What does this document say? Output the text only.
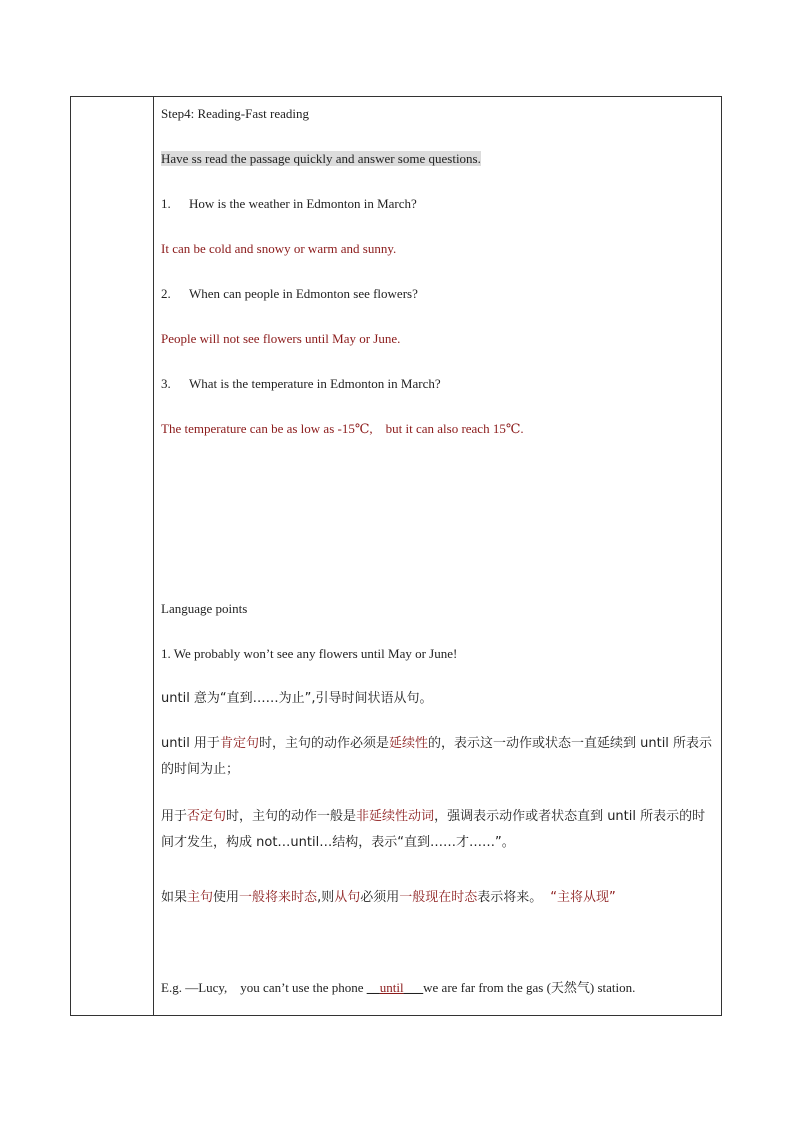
Step4: Reading-Fast reading
Have ss read the passage quickly and answer some questions.
1. How is the weather in Edmonton in March?
It can be cold and snowy or warm and sunny.
2. When can people in Edmonton see flowers?
People will not see flowers until May or June.
3. What is the temperature in Edmonton in March?
The temperature can be as low as -15℃,    but it can also reach 15℃.
Language points
1. We probably won’t see any flowers until May or June!
until 意为“直到……为止”,引导时间状语从句。
until 用于肯定句时，主句的动作必须是延续性的，表示这一动作或状态一直延续到 until 所表示的时间为止；
用于否定句时，主句的动作一般是非延续性动词，强调表示动作或者状态直到 until 所表示的时间才发生，构成 not…until…结构，表示“直到……才……”。
如果主句使用一般将来时态,则从句必须用一般现在时态表示将来。 “主将从现”
E.g. —Lucy,    you can’t use the phone __until___we are far from the gas (天然气) station.
